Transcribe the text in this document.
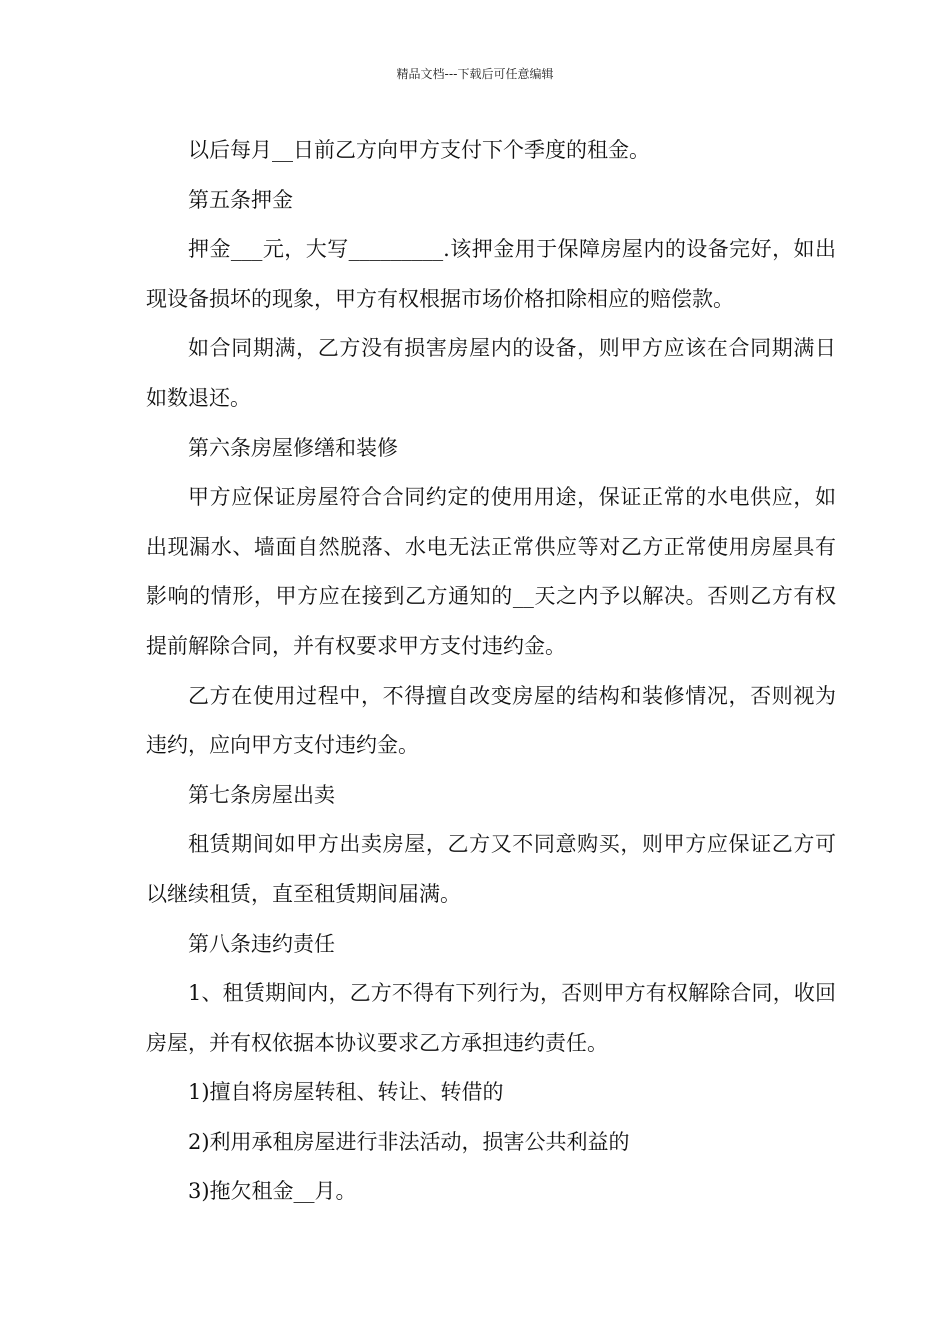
精品文档---下载后可任意编辑

以后每月__日前乙方向甲方支付下个季度的租金。

第五条押金

押金___元，大写_________.该押金用于保障房屋内的设备完好，如出现设备损坏的现象，甲方有权根据市场价格扣除相应的赔偿款。

如合同期满，乙方没有损害房屋内的设备，则甲方应该在合同期满日如数退还。

第六条房屋修缮和装修

甲方应保证房屋符合合同约定的使用用途，保证正常的水电供应，如出现漏水、墙面自然脱落、水电无法正常供应等对乙方正常使用房屋具有影响的情形，甲方应在接到乙方通知的__天之内予以解决。否则乙方有权提前解除合同，并有权要求甲方支付违约金。

乙方在使用过程中，不得擅自改变房屋的结构和装修情况，否则视为违约，应向甲方支付违约金。

第七条房屋出卖

租赁期间如甲方出卖房屋，乙方又不同意购买，则甲方应保证乙方可以继续租赁，直至租赁期间届满。

第八条违约责任

1、租赁期间内，乙方不得有下列行为，否则甲方有权解除合同，收回房屋，并有权依据本协议要求乙方承担违约责任。

1)擅自将房屋转租、转让、转借的

2)利用承租房屋进行非法活动，损害公共利益的

3)拖欠租金__月。
